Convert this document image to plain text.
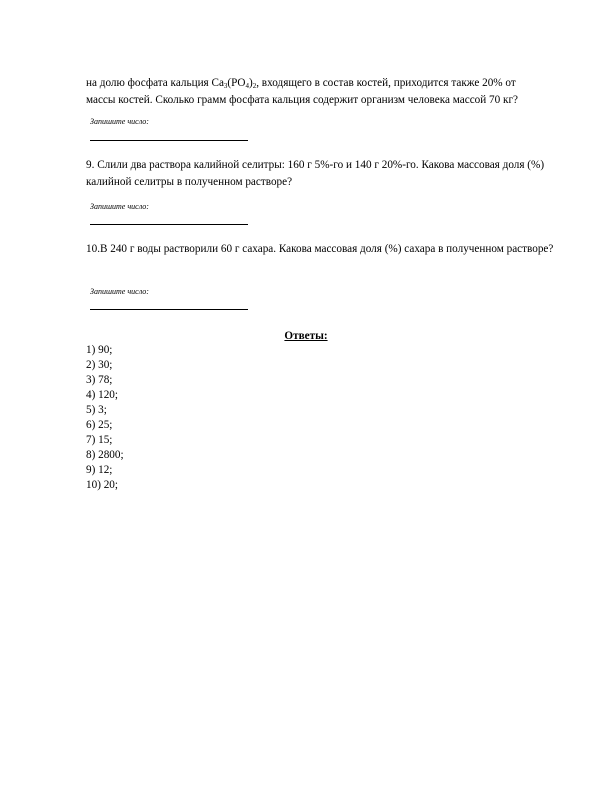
на долю фосфата кальция $Ca_3(PO_4)_2$, входящего в состав костей, приходится также 20% от
массы костей. Сколько грамм фосфата кальция содержит организм человека массой 70 кг?
Запишите число:
9. Слили два раствора калийной селитры: 160 г 5%-го и 140 г 20%-го. Какова массовая доля (%) калийной селитры в полученном растворе?
Запишите число:
10.В 240 г воды растворили 60 г сахара. Какова массовая доля (%) сахара в полученном растворе?
Запишите число:
Ответы:
1) 90;
2) 30;
3) 78;
4) 120;
5) 3;
6) 25;
7) 15;
8) 2800;
9) 12;
10) 20;
